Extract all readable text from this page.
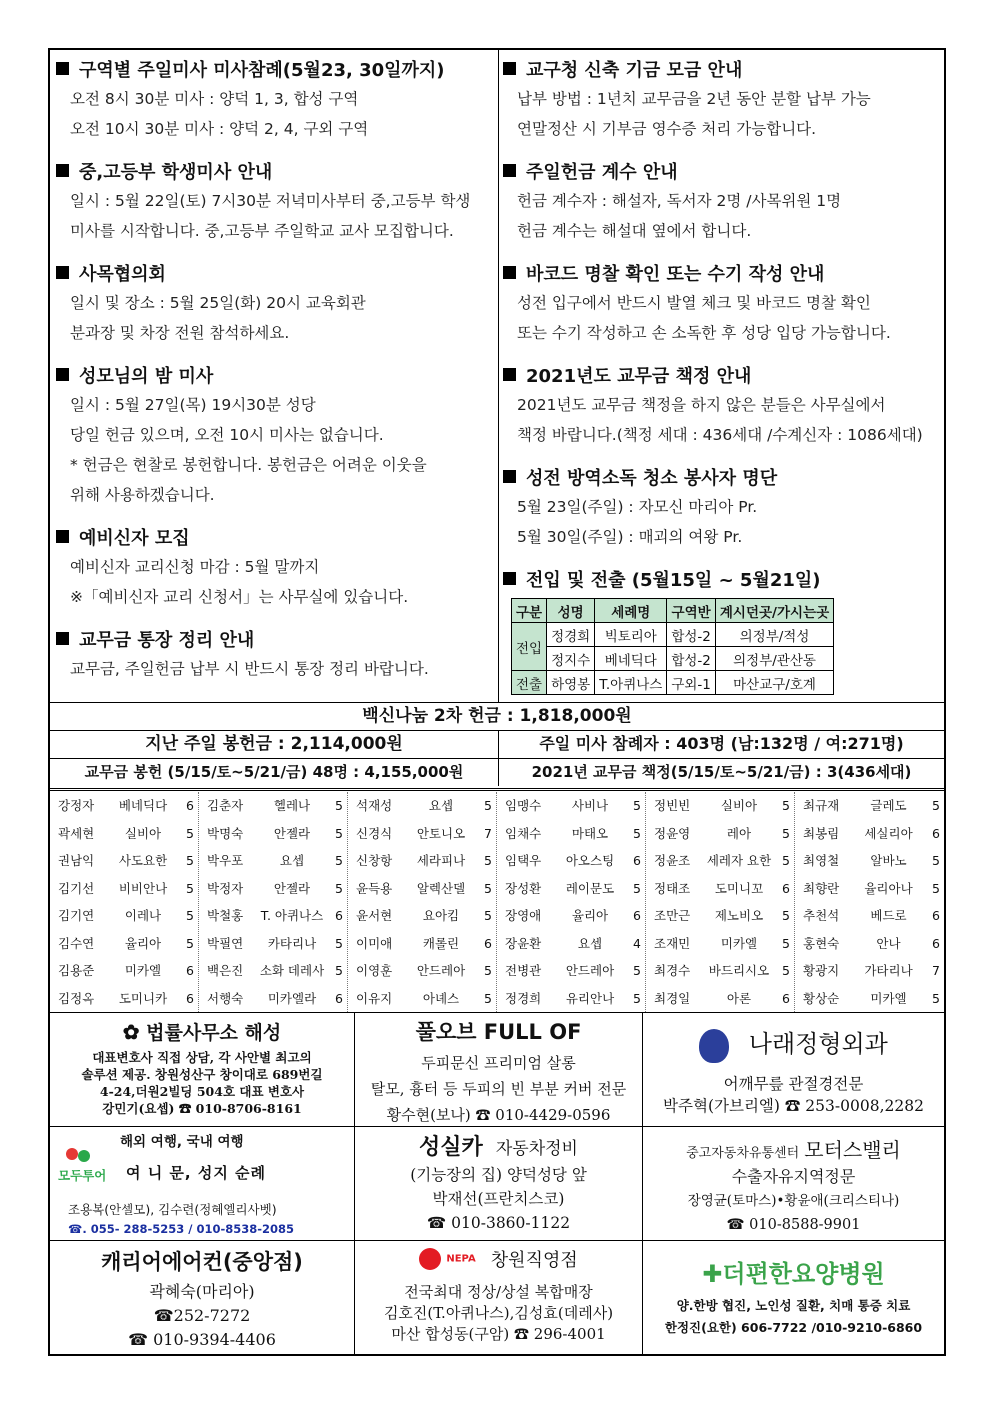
구역별 주일미사 미사참례(5월23, 30일까지)
오전 8시 30분 미사 : 양덕 1, 3, 합성 구역
오전 10시 30분 미사 : 양덕 2, 4, 구외 구역
중,고등부 학생미사 안내
일시 : 5월 22일(토) 7시30분 저녁미사부터 중,고등부 학생
미사를 시작합니다. 중,고등부 주일학교 교사 모집합니다.
사목협의회
일시 및 장소 : 5월 25일(화) 20시 교육회관
분과장 및 차장 전원 참석하세요.
성모님의 밤 미사
일시 : 5월 27일(목) 19시30분 성당
당일 헌금 있으며, 오전 10시 미사는 없습니다.
* 헌금은 현찰로 봉헌합니다. 봉헌금은 어려운 이웃을
위해 사용하겠습니다.
예비신자 모집
예비신자 교리신청 마감 : 5월 말까지
※「예비신자 교리 신청서」는 사무실에 있습니다.
교무금 통장 정리 안내
교무금, 주일헌금 납부 시 반드시 통장 정리 바랍니다.
교구청 신축 기금 모금 안내
납부 방법 : 1년치 교무금을 2년 동안 분할 납부 가능
연말정산 시 기부금 영수증 처리 가능합니다.
주일헌금 계수 안내
헌금 계수자 : 해설자, 독서자 2명 /사목위원 1명
헌금 계수는 해설대 옆에서 합니다.
바코드 명찰 확인 또는 수기 작성 안내
성전 입구에서 반드시 발열 체크 및 바코드 명찰 확인
또는 수기 작성하고 손 소독한 후 성당 입당 가능합니다.
2021년도 교무금 책정 안내
2021년도 교무금 책정을 하지 않은 분들은 사무실에서
책정 바랍니다.(책정 세대 : 436세대 /수계신자 : 1086세대)
성전 방역소독 청소 봉사자 명단
5월 23일(주일) : 자모신 마리아 Pr.
5월 30일(주일) : 매괴의 여왕 Pr.
전입 및 전출 (5월15일 ~ 5월21일)
구분	성명	세례명	구역반	계시던곳/가시는곳
전입	정경희	빅토리아	합성-2	의정부/적성
	정지수	베네딕다	합성-2	의정부/관산동
전출	하영봉	T.아퀴나스	구외-1	마산교구/호계
백신나눔 2차 헌금 : 1,818,000원
지난 주일 봉헌금 : 2,114,000원	주일 미사 참례자 : 403명 (남:132명 / 여:271명)
교무금 봉헌 (5/15/토~5/21/금) 48명 : 4,155,000원	2021년 교무금 책정(5/15/토~5/21/금) : 3(436세대)
강정자	베네딕다	6
곽세현	실비아	5
권남익	사도요한	5
김기선	비비안나	5
김기연	이레나	5
김수연	율리아	5
김용준	미카엘	6
김정옥	도미니카	6
김춘자	헬레나	5
박명숙	안젤라	5
박우포	요셉	5
박정자	안젤라	5
박철홍	T. 아퀴나스 6
박필연	카타리나	5
백은진	소화 데레사 5
서행숙	미카엘라	6
석재성	요셉	5
신경식	안토니오	7
신창항	세라피나	5
윤득용	알렉산델	5
윤서현	요아킴	5
이미애	캐롤린	6
이영훈	안드레아	5
이유지	아녜스	5
임맹수	사비나	5
임채수	마태오	5
임택우	아오스팅	6
장성환	레이문도	5
장영애	율리아	6
장윤환	요셉	4
전병관	안드레아	5
정경희	유리안나	5
정빈빈	실비아	5
정윤영	레아	5
정윤조	세레자 요한 5
정태조	도미니꼬	6
조만근	제노비오	5
조재민	미카엘	5
최경수	바드리시오	5
최경일	아론	6
최규재	글레도	5
최봉림	세실리아	6
최영철	알바노	5
최향란	율리아나	5
추천석	베드로	6
홍현숙	안나	6
황광지	가타리나	7
황상순	미카엘	5
✿ 법률사무소 해성
대표변호사 직접 상담, 각 사안별 최고의
솔루션 제공. 창원성산구 창이대로 689번길
4-24,더원2빌딩 504호 대표 변호사
강민기(요셉) ☎ 010-8706-8161
풀오브 FULL OF
두피문신 프리미엄 살롱
탈모, 흉터 등 두피의 빈 부분 커버 전문
황수현(보나) ☎ 010-4429-0596
나래정형외과
어깨무릎 관절경전문
박주혁(가브리엘) ☎ 253-0008,2282
해외 여행, 국내 여행
모두투어 여 니 문, 성지 순례
조용복(안셀모), 김수련(정혜엘리사벳)
☎. 055- 288-5253 / 010-8538-2085
성실카 자동차정비
(기능장의 집) 양덕성당 앞
박재선(프란치스코)
☎ 010-3860-1122
중고자동차유통센터 모터스밸리
수출자유지역정문
장영균(토마스)•황윤애(크리스티나)
☎ 010-8588-9901
캐리어에어컨(중앙점)
곽혜숙(마리아)
☎252-7272
☎ 010-9394-4406
NEPA 창원직영점
전국최대 정상/상설 복합매장
김호진(T.아퀴나스),김성효(데레사)
마산 합성동(구암) ☎ 296-4001
✚더편한요양병원
양.한방 협진, 노인성 질환, 치매 통증 치료
한정진(요한) 606-7722 /010-9210-6860
